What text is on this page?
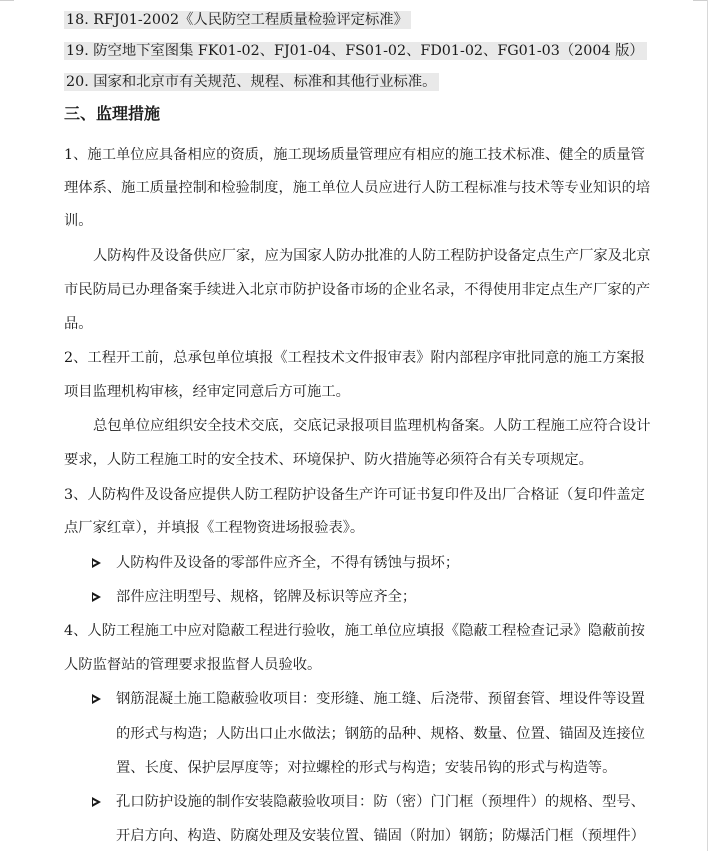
18. RFJ01-2002《人民防空工程质量检验评定标准》
19. 防空地下室图集 FK01-02、FJ01-04、FS01-02、FD01-02、FG01-03（2004 版）
20. 国家和北京市有关规范、规程、标准和其他行业标准。
三、监理措施
1、施工单位应具备相应的资质，施工现场质量管理应有相应的施工技术标准、健全的质量管
理体系、施工质量控制和检验制度，施工单位人员应进行人防工程标准与技术等专业知识的培
训。
人防构件及设备供应厂家，应为国家人防办批准的人防工程防护设备定点生产厂家及北京
市民防局已办理备案手续进入北京市防护设备市场的企业名录，不得使用非定点生产厂家的产
品。
2、工程开工前，总承包单位填报《工程技术文件报审表》附内部程序审批同意的施工方案报
项目监理机构审核，经审定同意后方可施工。
总包单位应组织安全技术交底，交底记录报项目监理机构备案。人防工程施工应符合设计
要求，人防工程施工时的安全技术、环境保护、防火措施等必须符合有关专项规定。
3、人防构件及设备应提供人防工程防护设备生产许可证书复印件及出厂合格证（复印件盖定
点厂家红章），并填报《工程物资进场报验表》。
人防构件及设备的零部件应齐全，不得有锈蚀与损坏；
部件应注明型号、规格，铭牌及标识等应齐全；
4、人防工程施工中应对隐蔽工程进行验收，施工单位应填报《隐蔽工程检查记录》隐蔽前按
人防监督站的管理要求报监督人员验收。
钢筋混凝土施工隐蔽验收项目：变形缝、施工缝、后浇带、预留套管、埋设件等设置
的形式与构造；人防出口止水做法；钢筋的品种、规格、数量、位置、锚固及连接位
置、长度、保护层厚度等；对拉螺栓的形式与构造；安装吊钩的形式与构造等。
孔口防护设施的制作安装隐蔽验收项目：防（密）门门框（预埋件）的规格、型号、
开启方向、构造、防腐处理及安装位置、锚固（附加）钢筋；防爆活门框（预埋件）
